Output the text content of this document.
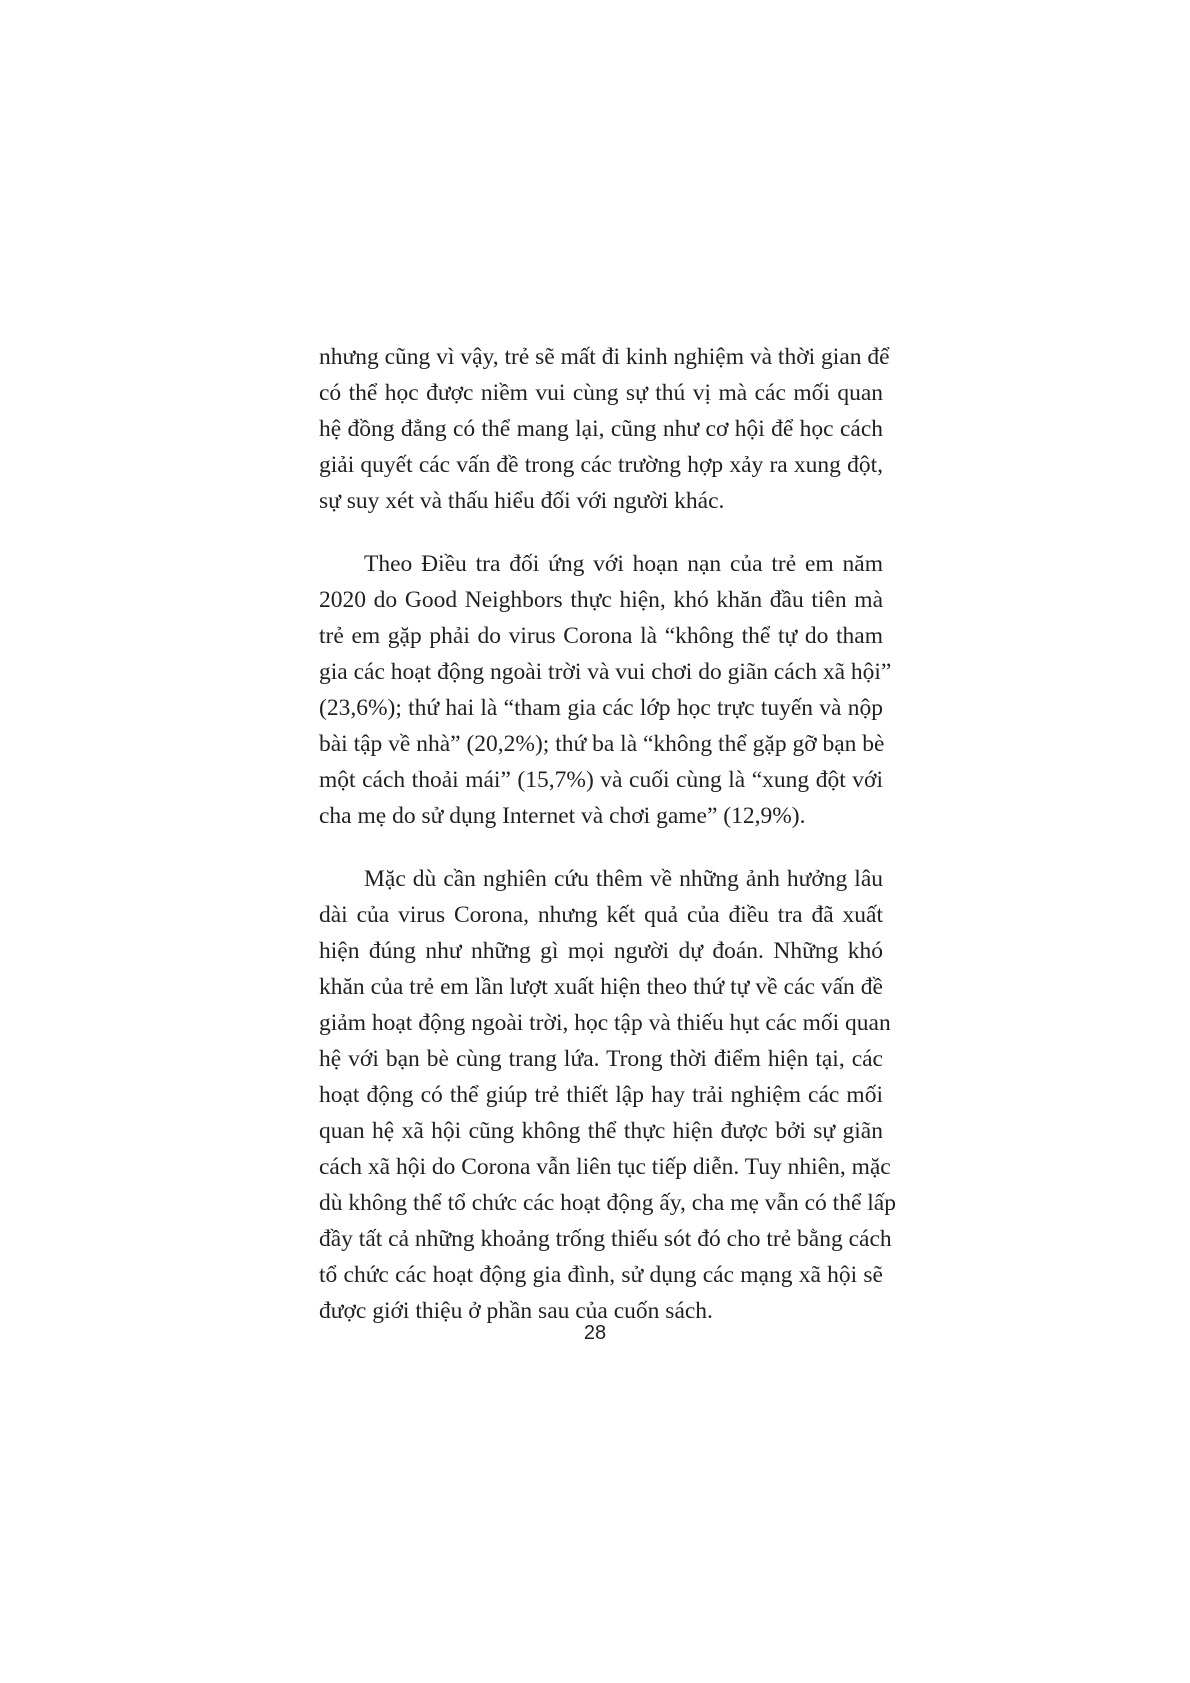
nhưng cũng vì vậy, trẻ sẽ mất đi kinh nghiệm và thời gian để
có thể học được niềm vui cùng sự thú vị mà các mối quan
hệ đồng đẳng có thể mang lại, cũng như cơ hội để học cách
giải quyết các vấn đề trong các trường hợp xảy ra xung đột,
sự suy xét và thấu hiểu đối với người khác.
Theo Điều tra đối ứng với hoạn nạn của trẻ em năm
2020 do Good Neighbors thực hiện, khó khăn đầu tiên mà
trẻ em gặp phải do virus Corona là “không thể tự do tham
gia các hoạt động ngoài trời và vui chơi do giãn cách xã hội”
(23,6%); thứ hai là “tham gia các lớp học trực tuyến và nộp
bài tập về nhà” (20,2%); thứ ba là “không thể gặp gỡ bạn bè
một cách thoải mái” (15,7%) và cuối cùng là “xung đột với
cha mẹ do sử dụng Internet và chơi game” (12,9%).
Mặc dù cần nghiên cứu thêm về những ảnh hưởng lâu
dài của virus Corona, nhưng kết quả của điều tra đã xuất
hiện đúng như những gì mọi người dự đoán. Những khó
khăn của trẻ em lần lượt xuất hiện theo thứ tự về các vấn đề
giảm hoạt động ngoài trời, học tập và thiếu hụt các mối quan
hệ với bạn bè cùng trang lứa. Trong thời điểm hiện tại, các
hoạt động có thể giúp trẻ thiết lập hay trải nghiệm các mối
quan hệ xã hội cũng không thể thực hiện được bởi sự giãn
cách xã hội do Corona vẫn liên tục tiếp diễn. Tuy nhiên, mặc
dù không thể tổ chức các hoạt động ấy, cha mẹ vẫn có thể lấp
đầy tất cả những khoảng trống thiếu sót đó cho trẻ bằng cách
tổ chức các hoạt động gia đình, sử dụng các mạng xã hội sẽ
được giới thiệu ở phần sau của cuốn sách.
28
